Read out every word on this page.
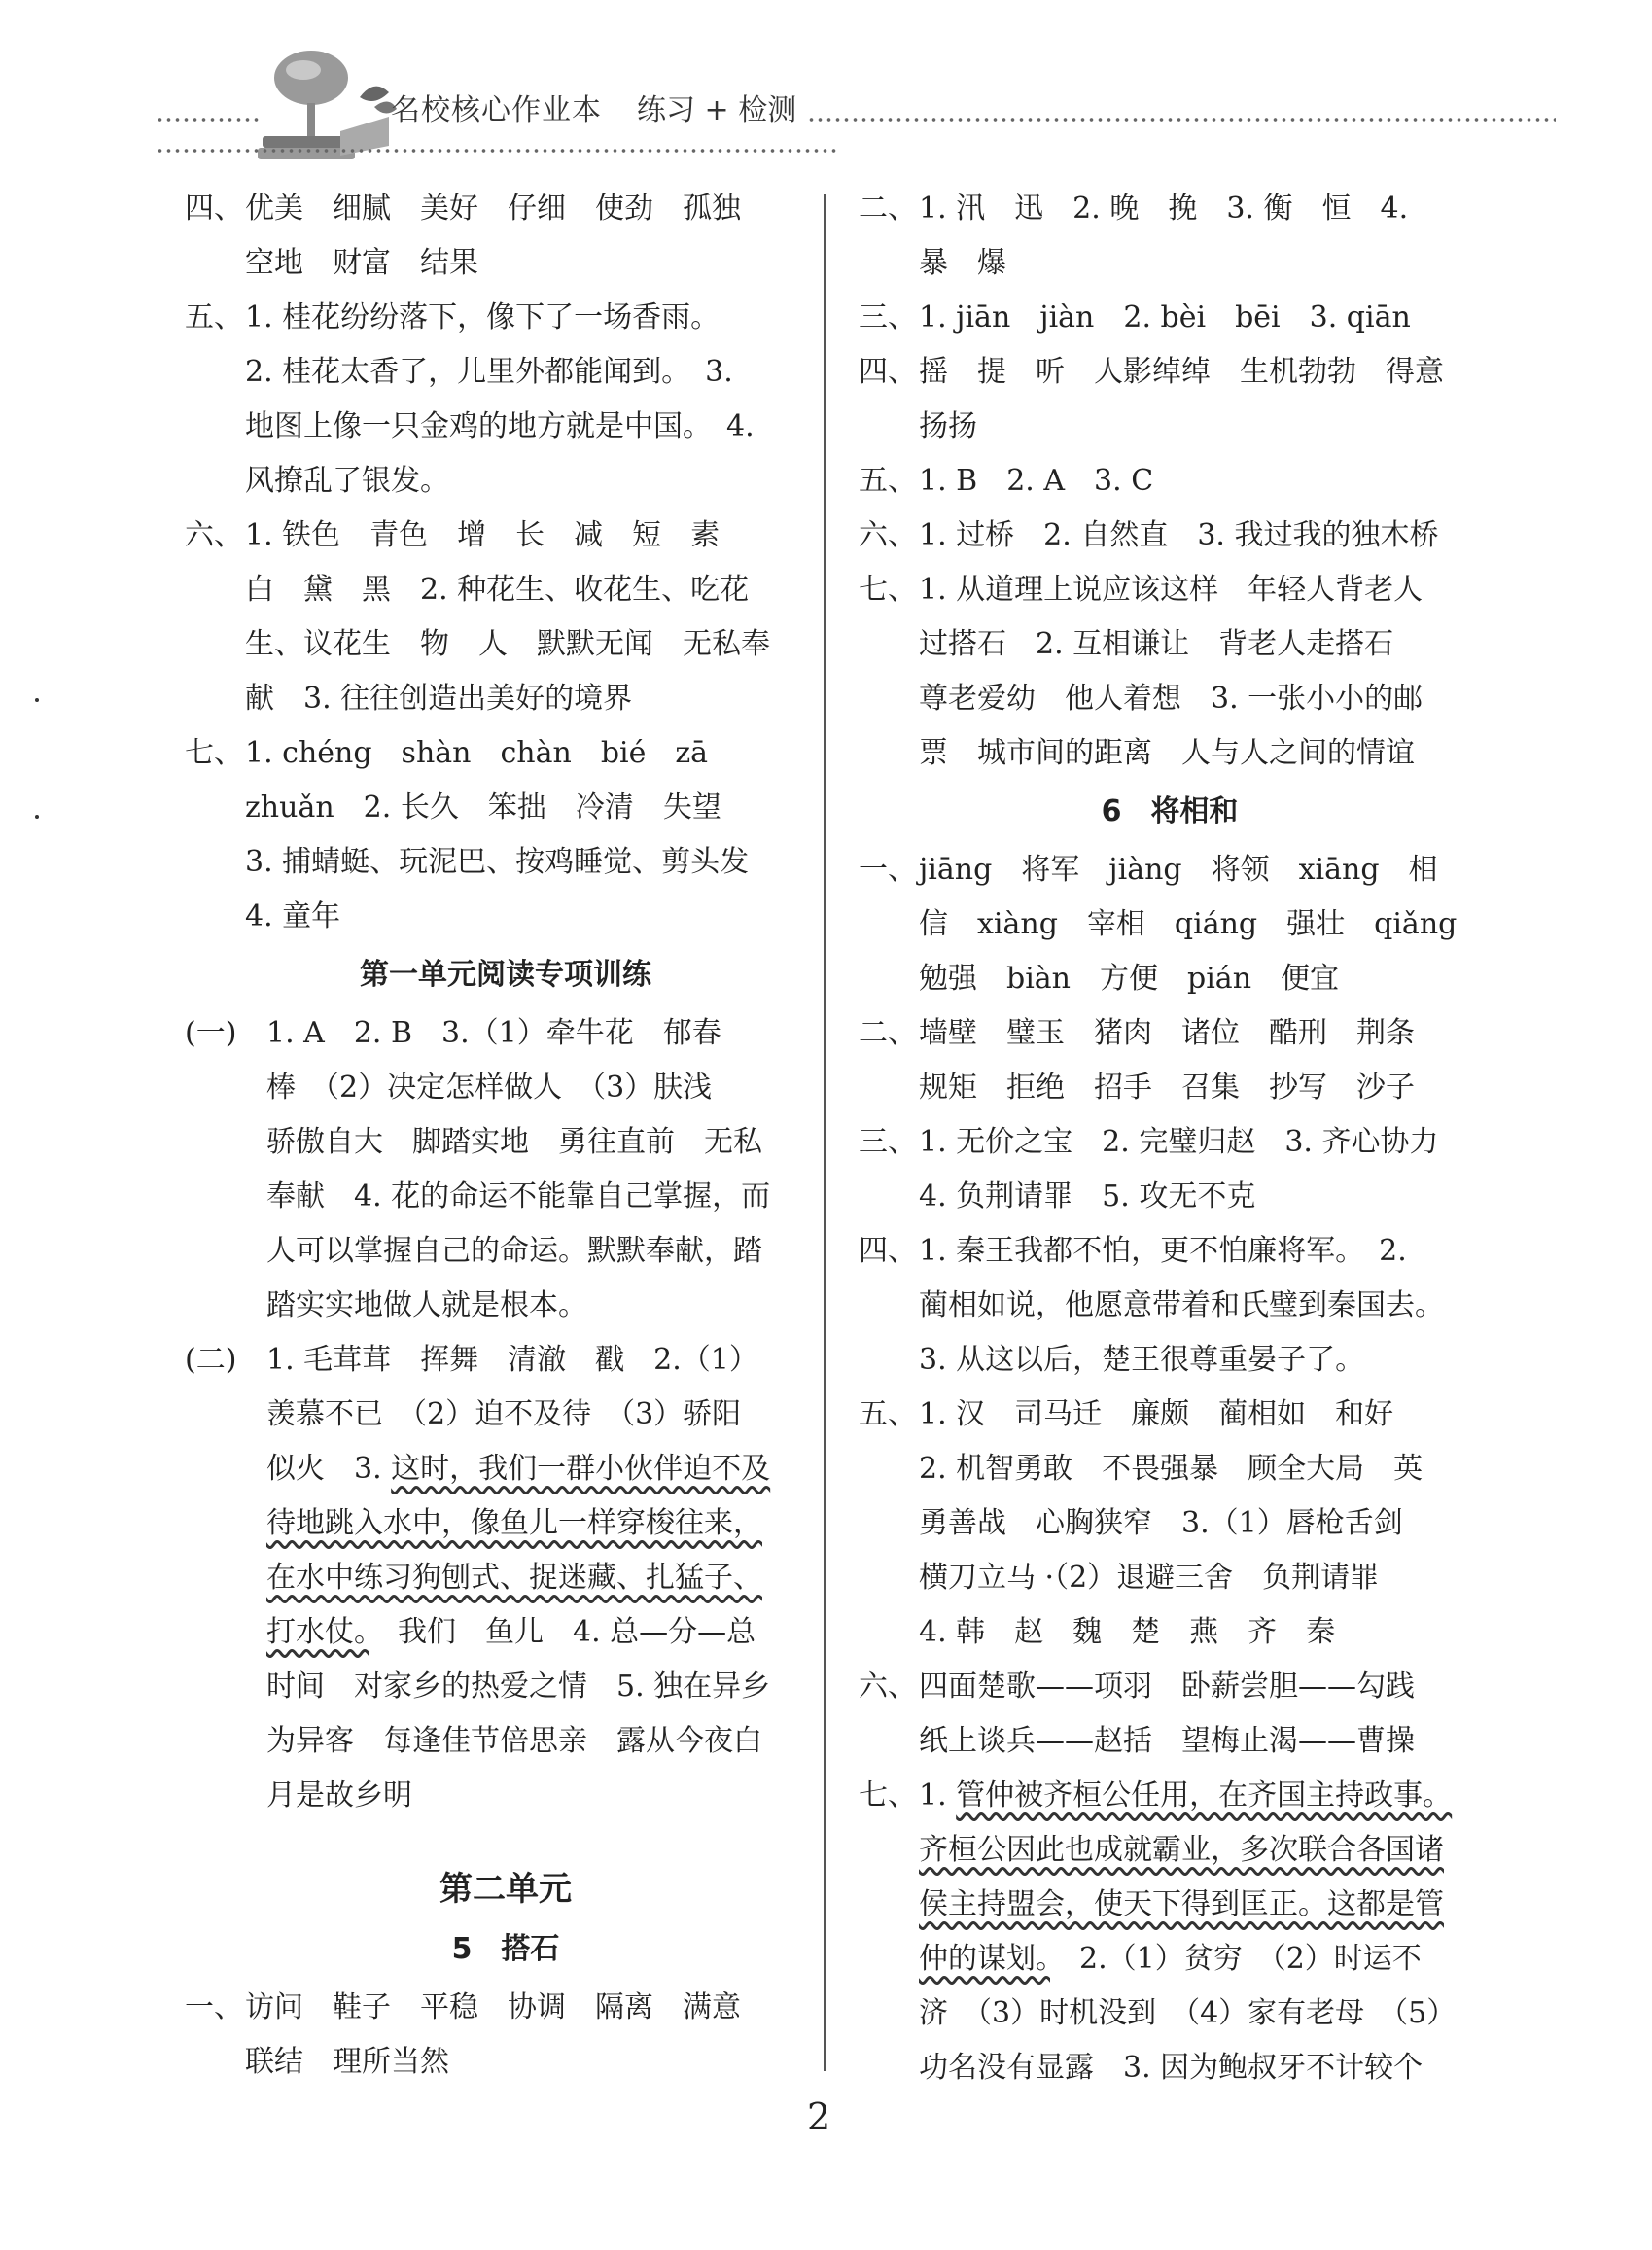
名校核心作业本 练习 + 检测
四、 优美　细腻　美好　仔细　使劲　孤独
空地　财富　结果
五、 1. 桂花纷纷落下，像下了一场香雨。
2. 桂花太香了，儿里外都能闻到。　3.
地图上像一只金鸡的地方就是中国。　4.
风撩乱了银发。
六、 1. 铁色　青色　增　长　减　短　素
白　黛　黑　2. 种花生、收花生、吃花
生、议花生　物　人　默默无闻　无私奉
献　3. 往往创造出美好的境界
七、 1. chéng　shàn　chàn　bié　zā
zhuǎn　2. 长久　笨拙　冷清　失望
3. 捕蜻蜓、玩泥巴、按鸡睡觉、剪头发
4. 童年
第一单元阅读专项训练
(一) 1. A　2. B　3.（1）牵牛花　郁春
棒　（2）决定怎样做人　（3）肤浅
骄傲自大　脚踏实地　勇往直前　无私
奉献　4. 花的命运不能靠自己掌握，而
人可以掌握自己的命运。默默奉献，踏
踏实实地做人就是根本。
(二) 1. 毛茸茸　挥舞　清澈　戳　2.（1）
羡慕不已　（2）迫不及待　（3）骄阳
似火　3. 这时，我们一群小伙伴迫不及
待地跳入水中，像鱼儿一样穿梭往来，
在水中练习狗刨式、捉迷藏、扎猛子、
打水仗。　我们　鱼儿　4. 总—分—总
时间　对家乡的热爱之情　5. 独在异乡
为异客　每逢佳节倍思亲　露从今夜白
月是故乡明
第二单元
5　搭石
一、 访问　鞋子　平稳　协调　隔离　满意
联结　理所当然
二、 1. 汛　迅　2. 晚　挽　3. 衡　恒　4.
暴　爆
三、 1. jiān　jiàn　2. bèi　bēi　3. qiān
四、 摇　提　听　人影绰绰　生机勃勃　得意
扬扬
五、 1. B　2. A　3. C
六、 1. 过桥　2. 自然直　3. 我过我的独木桥
七、 1. 从道理上说应该这样　年轻人背老人
过搭石　2. 互相谦让　背老人走搭石
尊老爱幼　他人着想　3. 一张小小的邮
票　城市间的距离　人与人之间的情谊
6　将相和
一、 jiāng　将军　jiàng　将领　xiāng　相
信　xiàng　宰相　qiáng　强壮　qiǎng
勉强　biàn　方便　pián　便宜
二、 墙壁　璧玉　猪肉　诸位　酷刑　荆条
规矩　拒绝　招手　召集　抄写　沙子
三、 1. 无价之宝　2. 完璧归赵　3. 齐心协力
4. 负荆请罪　5. 攻无不克
四、 1. 秦王我都不怕，更不怕廉将军。　2.
蔺相如说，他愿意带着和氏璧到秦国去。
3. 从这以后，楚王很尊重晏子了。
五、 1. 汉　司马迁　廉颇　蔺相如　和好
2. 机智勇敢　不畏强暴　顾全大局　英
勇善战　心胸狭窄　3.（1）唇枪舌剑
横刀立马 ·（2）退避三舍　负荆请罪
4. 韩　赵　魏　楚　燕　齐　秦
六、 四面楚歌——项羽　卧薪尝胆——勾践
纸上谈兵——赵括　望梅止渴——曹操
七、 1. 管仲被齐桓公任用，在齐国主持政事。
齐桓公因此也成就霸业，多次联合各国诸
侯主持盟会，使天下得到匡正。这都是管
仲的谋划。　2.（1）贫穷　（2）时运不
济　（3）时机没到　（4）家有老母　（5）
功名没有显露　3. 因为鲍叔牙不计较个
2
